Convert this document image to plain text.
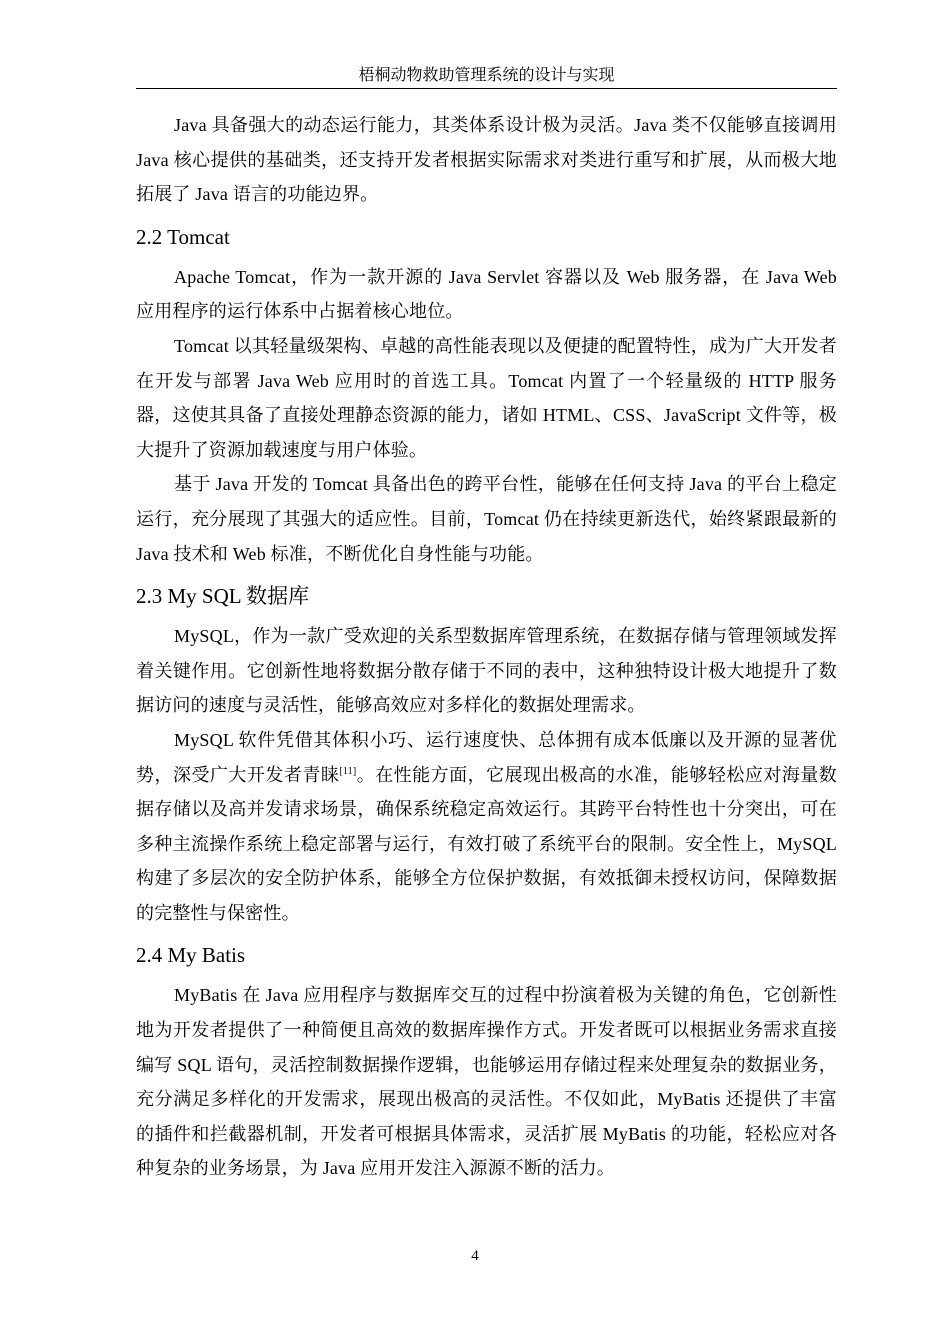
梧桐动物救助管理系统的设计与实现

Java 具备强大的动态运行能力，其类体系设计极为灵活。Java 类不仅能够直接调用 Java 核心提供的基础类，还支持开发者根据实际需求对类进行重写和扩展，从而极大地拓展了 Java 语言的功能边界。

2.2 Tomcat

Apache Tomcat，作为一款开源的 Java Servlet 容器以及 Web 服务器，在 Java Web 应用程序的运行体系中占据着核心地位。

Tomcat 以其轻量级架构、卓越的高性能表现以及便捷的配置特性，成为广大开发者在开发与部署 Java Web 应用时的首选工具。Tomcat 内置了一个轻量级的 HTTP 服务器，这使其具备了直接处理静态资源的能力，诸如 HTML、CSS、JavaScript 文件等，极大提升了资源加载速度与用户体验。

基于 Java 开发的 Tomcat 具备出色的跨平台性，能够在任何支持 Java 的平台上稳定运行，充分展现了其强大的适应性。目前，Tomcat 仍在持续更新迭代，始终紧跟最新的 Java 技术和 Web 标准，不断优化自身性能与功能。

2.3 My SQL 数据库

MySQL，作为一款广受欢迎的关系型数据库管理系统，在数据存储与管理领域发挥着关键作用。它创新性地将数据分散存储于不同的表中，这种独特设计极大地提升了数据访问的速度与灵活性，能够高效应对多样化的数据处理需求。

MySQL 软件凭借其体积小巧、运行速度快、总体拥有成本低廉以及开源的显著优势，深受广大开发者青睐[11]。在性能方面，它展现出极高的水准，能够轻松应对海量数据存储以及高并发请求场景，确保系统稳定高效运行。其跨平台特性也十分突出，可在多种主流操作系统上稳定部署与运行，有效打破了系统平台的限制。安全性上，MySQL 构建了多层次的安全防护体系，能够全方位保护数据，有效抵御未授权访问，保障数据的完整性与保密性。

2.4 My Batis

MyBatis 在 Java 应用程序与数据库交互的过程中扮演着极为关键的角色，它创新性地为开发者提供了一种简便且高效的数据库操作方式。开发者既可以根据业务需求直接编写 SQL 语句，灵活控制数据操作逻辑，也能够运用存储过程来处理复杂的数据业务，充分满足多样化的开发需求，展现出极高的灵活性。不仅如此，MyBatis 还提供了丰富的插件和拦截器机制，开发者可根据具体需求，灵活扩展 MyBatis 的功能，轻松应对各种复杂的业务场景，为 Java 应用开发注入源源不断的活力。

4
